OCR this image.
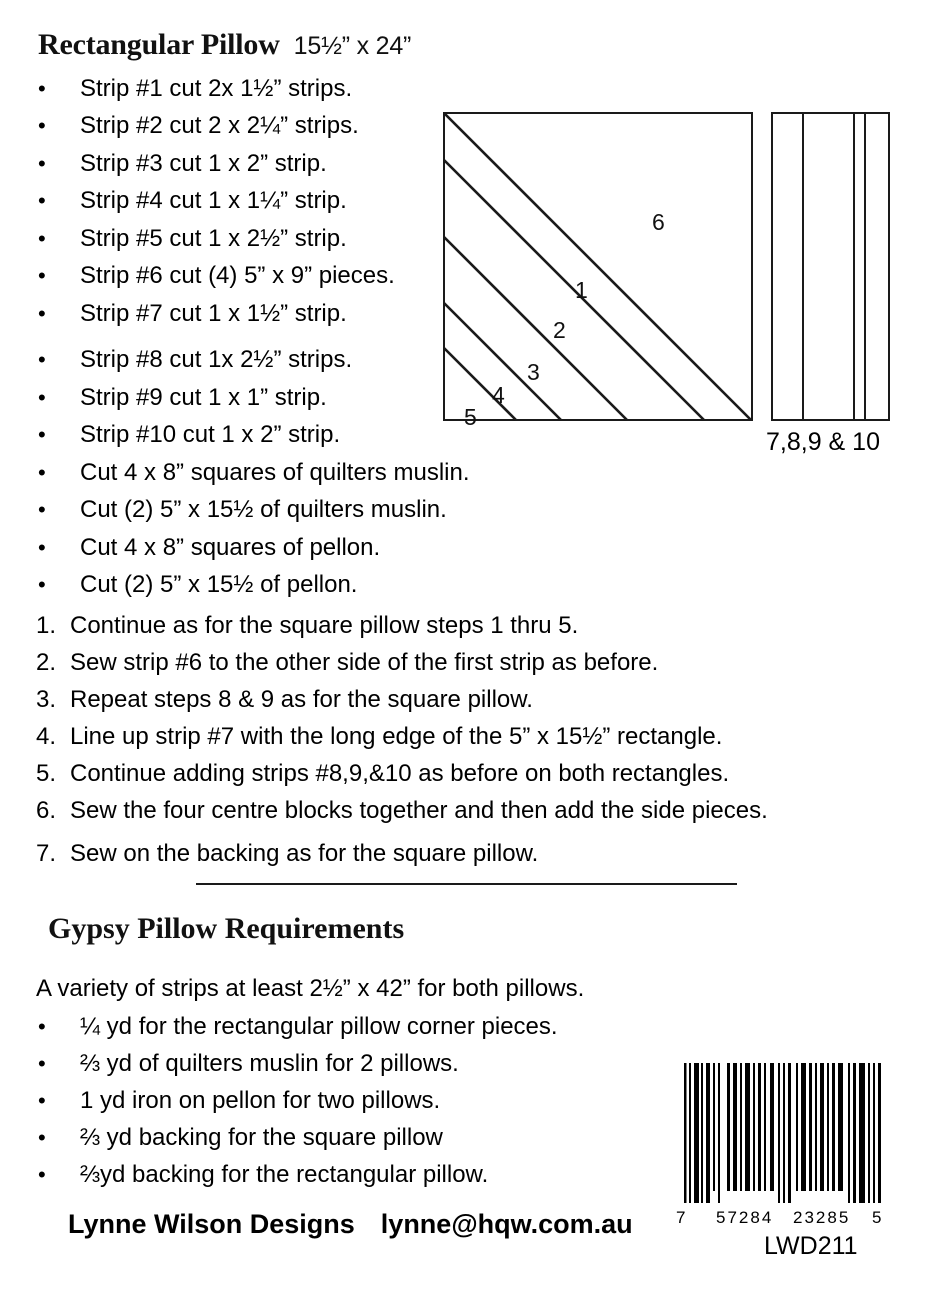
Rectangular Pillow 15½” x 24”
•	Strip #1 cut 2x 1½” strips.
•	Strip #2 cut 2 x 2¼” strips.
•	Strip #3 cut 1 x 2” strip.
•	Strip #4 cut 1 x 1¼” strip.
•	Strip #5 cut 1 x 2½” strip.
•	Strip #6 cut (4) 5” x 9” pieces.
•	Strip #7 cut 1 x 1½” strip.
•	Strip #8 cut 1x 2½” strips.
•	Strip #9 cut 1 x 1” strip.
•	Strip #10 cut 1 x 2” strip.
•	Cut 4 x 8” squares of quilters muslin.
•	Cut (2) 5” x 15½ of quilters muslin.
•	Cut 4 x 8” squares of pellon.
•	Cut (2) 5” x 15½ of pellon.
1
2
3
4
5
6
7,8,9 & 10
1. Continue as for the square pillow steps 1 thru 5.
2. Sew strip #6 to the other side of the first strip as before.
3. Repeat steps 8 & 9 as for the square pillow.
4. Line up strip #7 with the long edge of the 5” x 15½” rectangle.
5. Continue adding strips #8,9,&10 as before on both rectangles.
6. Sew the four centre blocks together and then add the side pieces.
7. Sew on the backing as for the square pillow.
Gypsy Pillow Requirements
A variety of strips at least 2½” x 42” for both pillows.
•	¼ yd for the rectangular pillow corner pieces.
•	⅔ yd of quilters muslin for 2 pillows.
•	1 yd iron on pellon for two pillows.
•	⅔ yd backing for the square pillow
•	⅔yd backing for the rectangular pillow.
7 57284 23285 5
LWD211
Lynne Wilson Designs lynne@hqw.com.au
